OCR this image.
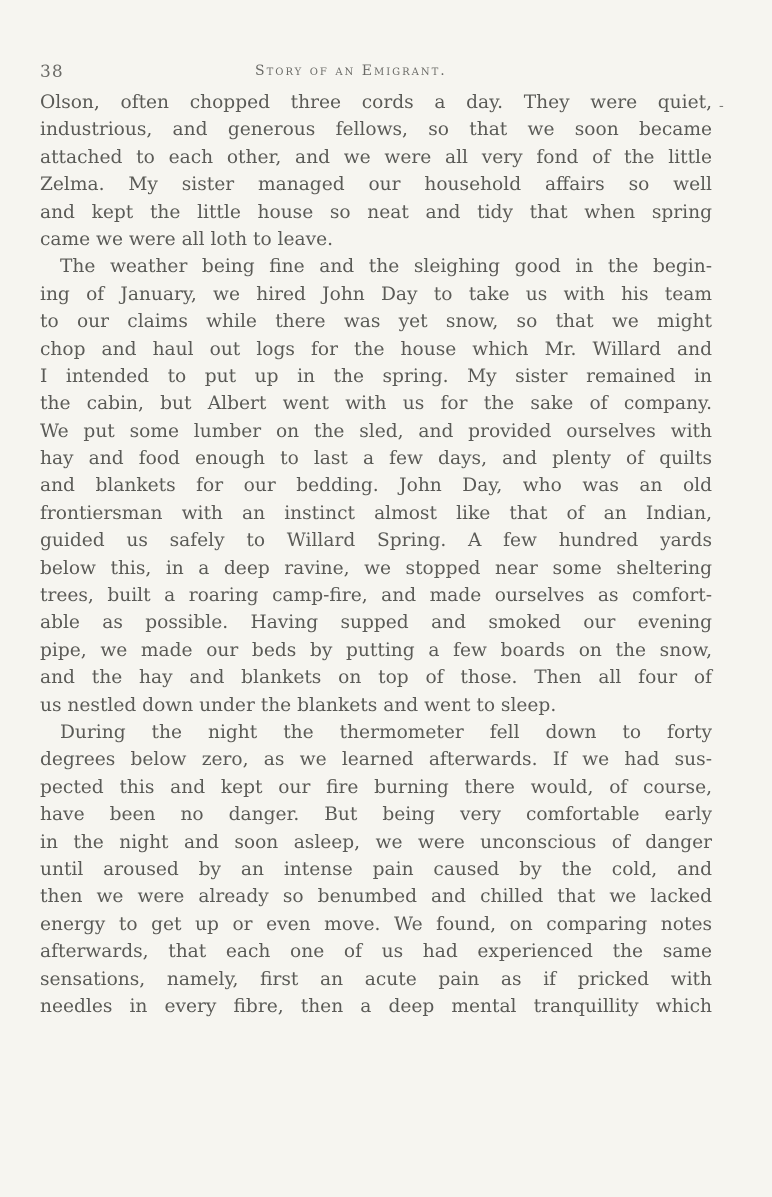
38	Story of an Emigrant.
-
Olson, often chopped three cords a day. They were quiet,
industrious, and generous fellows, so that we soon became
attached to each other, and we were all very fond of the little
Zelma. My sister managed our household affairs so well
and kept the little house so neat and tidy that when spring
came we were all loth to leave.
The weather being fine and the sleighing good in the begin-
ing of January, we hired John Day to take us with his team
to our claims while there was yet snow, so that we might
chop and haul out logs for the house which Mr. Willard and
I intended to put up in the spring. My sister remained in
the cabin, but Albert went with us for the sake of company.
We put some lumber on the sled, and provided ourselves with
hay and food enough to last a few days, and plenty of quilts
and blankets for our bedding. John Day, who was an old
frontiersman with an instinct almost like that of an Indian,
guided us safely to Willard Spring. A few hundred yards
below this, in a deep ravine, we stopped near some sheltering
trees, built a roaring camp-fire, and made ourselves as comfort-
able as possible. Having supped and smoked our evening
pipe, we made our beds by putting a few boards on the snow,
and the hay and blankets on top of those. Then all four of
us nestled down under the blankets and went to sleep.
During the night the thermometer fell down to forty
degrees below zero, as we learned afterwards. If we had sus-
pected this and kept our fire burning there would, of course,
have been no danger. But being very comfortable early
in the night and soon asleep, we were unconscious of danger
until aroused by an intense pain caused by the cold, and
then we were already so benumbed and chilled that we lacked
energy to get up or even move. We found, on comparing notes
afterwards, that each one of us had experienced the same
sensations, namely, first an acute pain as if pricked with
needles in every fibre, then a deep mental tranquillity which
